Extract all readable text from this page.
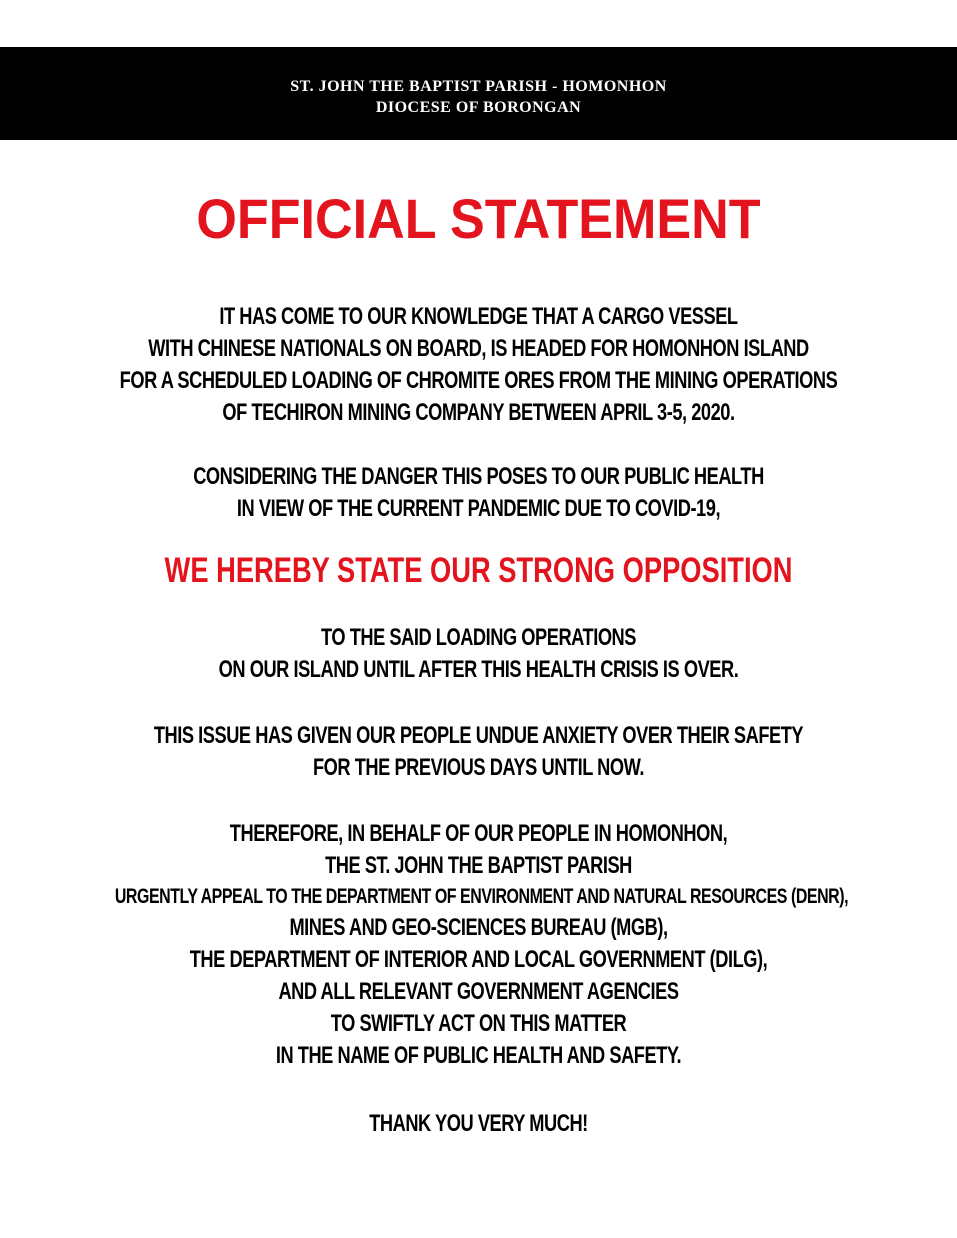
ST. JOHN THE BAPTIST PARISH - HOMONHON
DIOCESE OF BORONGAN
OFFICIAL STATEMENT
IT HAS COME TO OUR KNOWLEDGE THAT A CARGO VESSEL
WITH CHINESE NATIONALS ON BOARD, IS HEADED FOR HOMONHON ISLAND
FOR A SCHEDULED LOADING OF CHROMITE ORES FROM THE MINING OPERATIONS
OF TECHIRON MINING COMPANY BETWEEN APRIL 3-5, 2020.
CONSIDERING THE DANGER THIS POSES TO OUR PUBLIC HEALTH
IN VIEW OF THE CURRENT PANDEMIC DUE TO COVID-19,
WE HEREBY STATE OUR STRONG OPPOSITION
TO THE SAID LOADING OPERATIONS
ON OUR ISLAND UNTIL AFTER THIS HEALTH CRISIS IS OVER.
THIS ISSUE HAS GIVEN OUR PEOPLE UNDUE ANXIETY OVER THEIR SAFETY
FOR THE PREVIOUS DAYS UNTIL NOW.
THEREFORE, IN BEHALF OF OUR PEOPLE IN HOMONHON,
THE ST. JOHN THE BAPTIST PARISH
URGENTLY APPEAL TO THE DEPARTMENT OF ENVIRONMENT AND NATURAL RESOURCES (DENR),
MINES AND GEO-SCIENCES BUREAU (MGB),
THE DEPARTMENT OF INTERIOR AND LOCAL GOVERNMENT (DILG),
AND ALL RELEVANT GOVERNMENT AGENCIES
TO SWIFTLY ACT ON THIS MATTER
IN THE NAME OF PUBLIC HEALTH AND SAFETY.
THANK YOU VERY MUCH!
